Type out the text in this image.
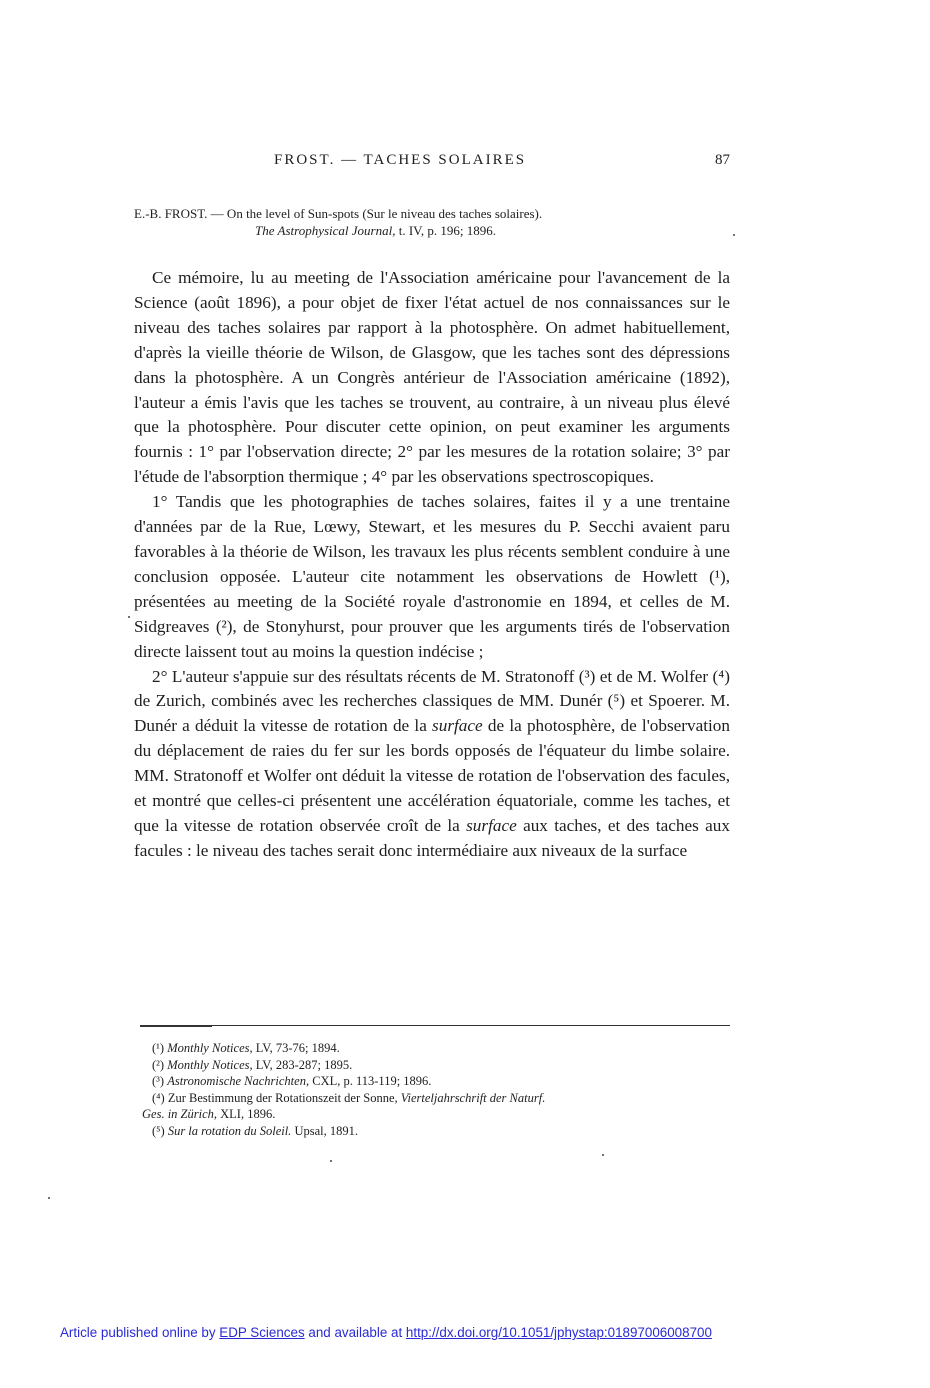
FROST. — TACHES SOLAIRES	87
E.-B. FROST. — On the level of Sun-spots (Sur le niveau des taches solaires).
The Astrophysical Journal, t. IV, p. 196; 1896.

Ce mémoire, lu au meeting de l'Association américaine pour l'avancement de la Science (août 1896), a pour objet de fixer l'état actuel de nos connaissances sur le niveau des taches solaires par rapport à la photosphère. On admet habituellement, d'après la vieille théorie de Wilson, de Glasgow, que les taches sont des dépressions dans la photosphère. A un Congrès antérieur de l'Association américaine (1892), l'auteur a émis l'avis que les taches se trouvent, au contraire, à un niveau plus élevé que la photosphère. Pour discuter cette opinion, on peut examiner les arguments fournis : 1° par l'observation directe; 2° par les mesures de la rotation solaire; 3° par l'étude de l'absorption thermique ; 4° par les observations spectroscopiques.

1° Tandis que les photographies de taches solaires, faites il y a une trentaine d'années par de la Rue, Lœwy, Stewart, et les mesures du P. Secchi avaient paru favorables à la théorie de Wilson, les travaux les plus récents semblent conduire à une conclusion opposée. L'auteur cite notamment les observations de Howlett (¹), présentées au meeting de la Société royale d'astronomie en 1894, et celles de M. Sidgreaves (²), de Stonyhurst, pour prouver que les arguments tirés de l'observation directe laissent tout au moins la question indécise ;

2° L'auteur s'appuie sur des résultats récents de M. Stratonoff (³) et de M. Wolfer (⁴) de Zurich, combinés avec les recherches classiques de MM. Dunér (⁵) et Spoerer. M. Dunér a déduit la vitesse de rotation de la surface de la photosphère, de l'observation du déplacement de raies du fer sur les bords opposés de l'équateur du limbe solaire. MM. Stratonoff et Wolfer ont déduit la vitesse de rotation de l'observation des facules, et montré que celles-ci présentent une accélération équatoriale, comme les taches, et que la vitesse de rotation observée croît de la surface aux taches, et des taches aux facules : le niveau des taches serait donc intermédiaire aux niveaux de la surface

(¹) Monthly Notices, LV, 73-76; 1894.
(²) Monthly Notices, LV, 283-287; 1895.
(³) Astronomische Nachrichten, CXL, p. 113-119; 1896.
(⁴) Zur Bestimmung der Rotationszeit der Sonne, Vierteljahrschrift der Naturf.
Ges. in Zürich, XLI, 1896.
(⁵) Sur la rotation du Soleil. Upsal, 1891.
Article published online by EDP Sciences and available at http://dx.doi.org/10.1051/jphystap:01897006008700
